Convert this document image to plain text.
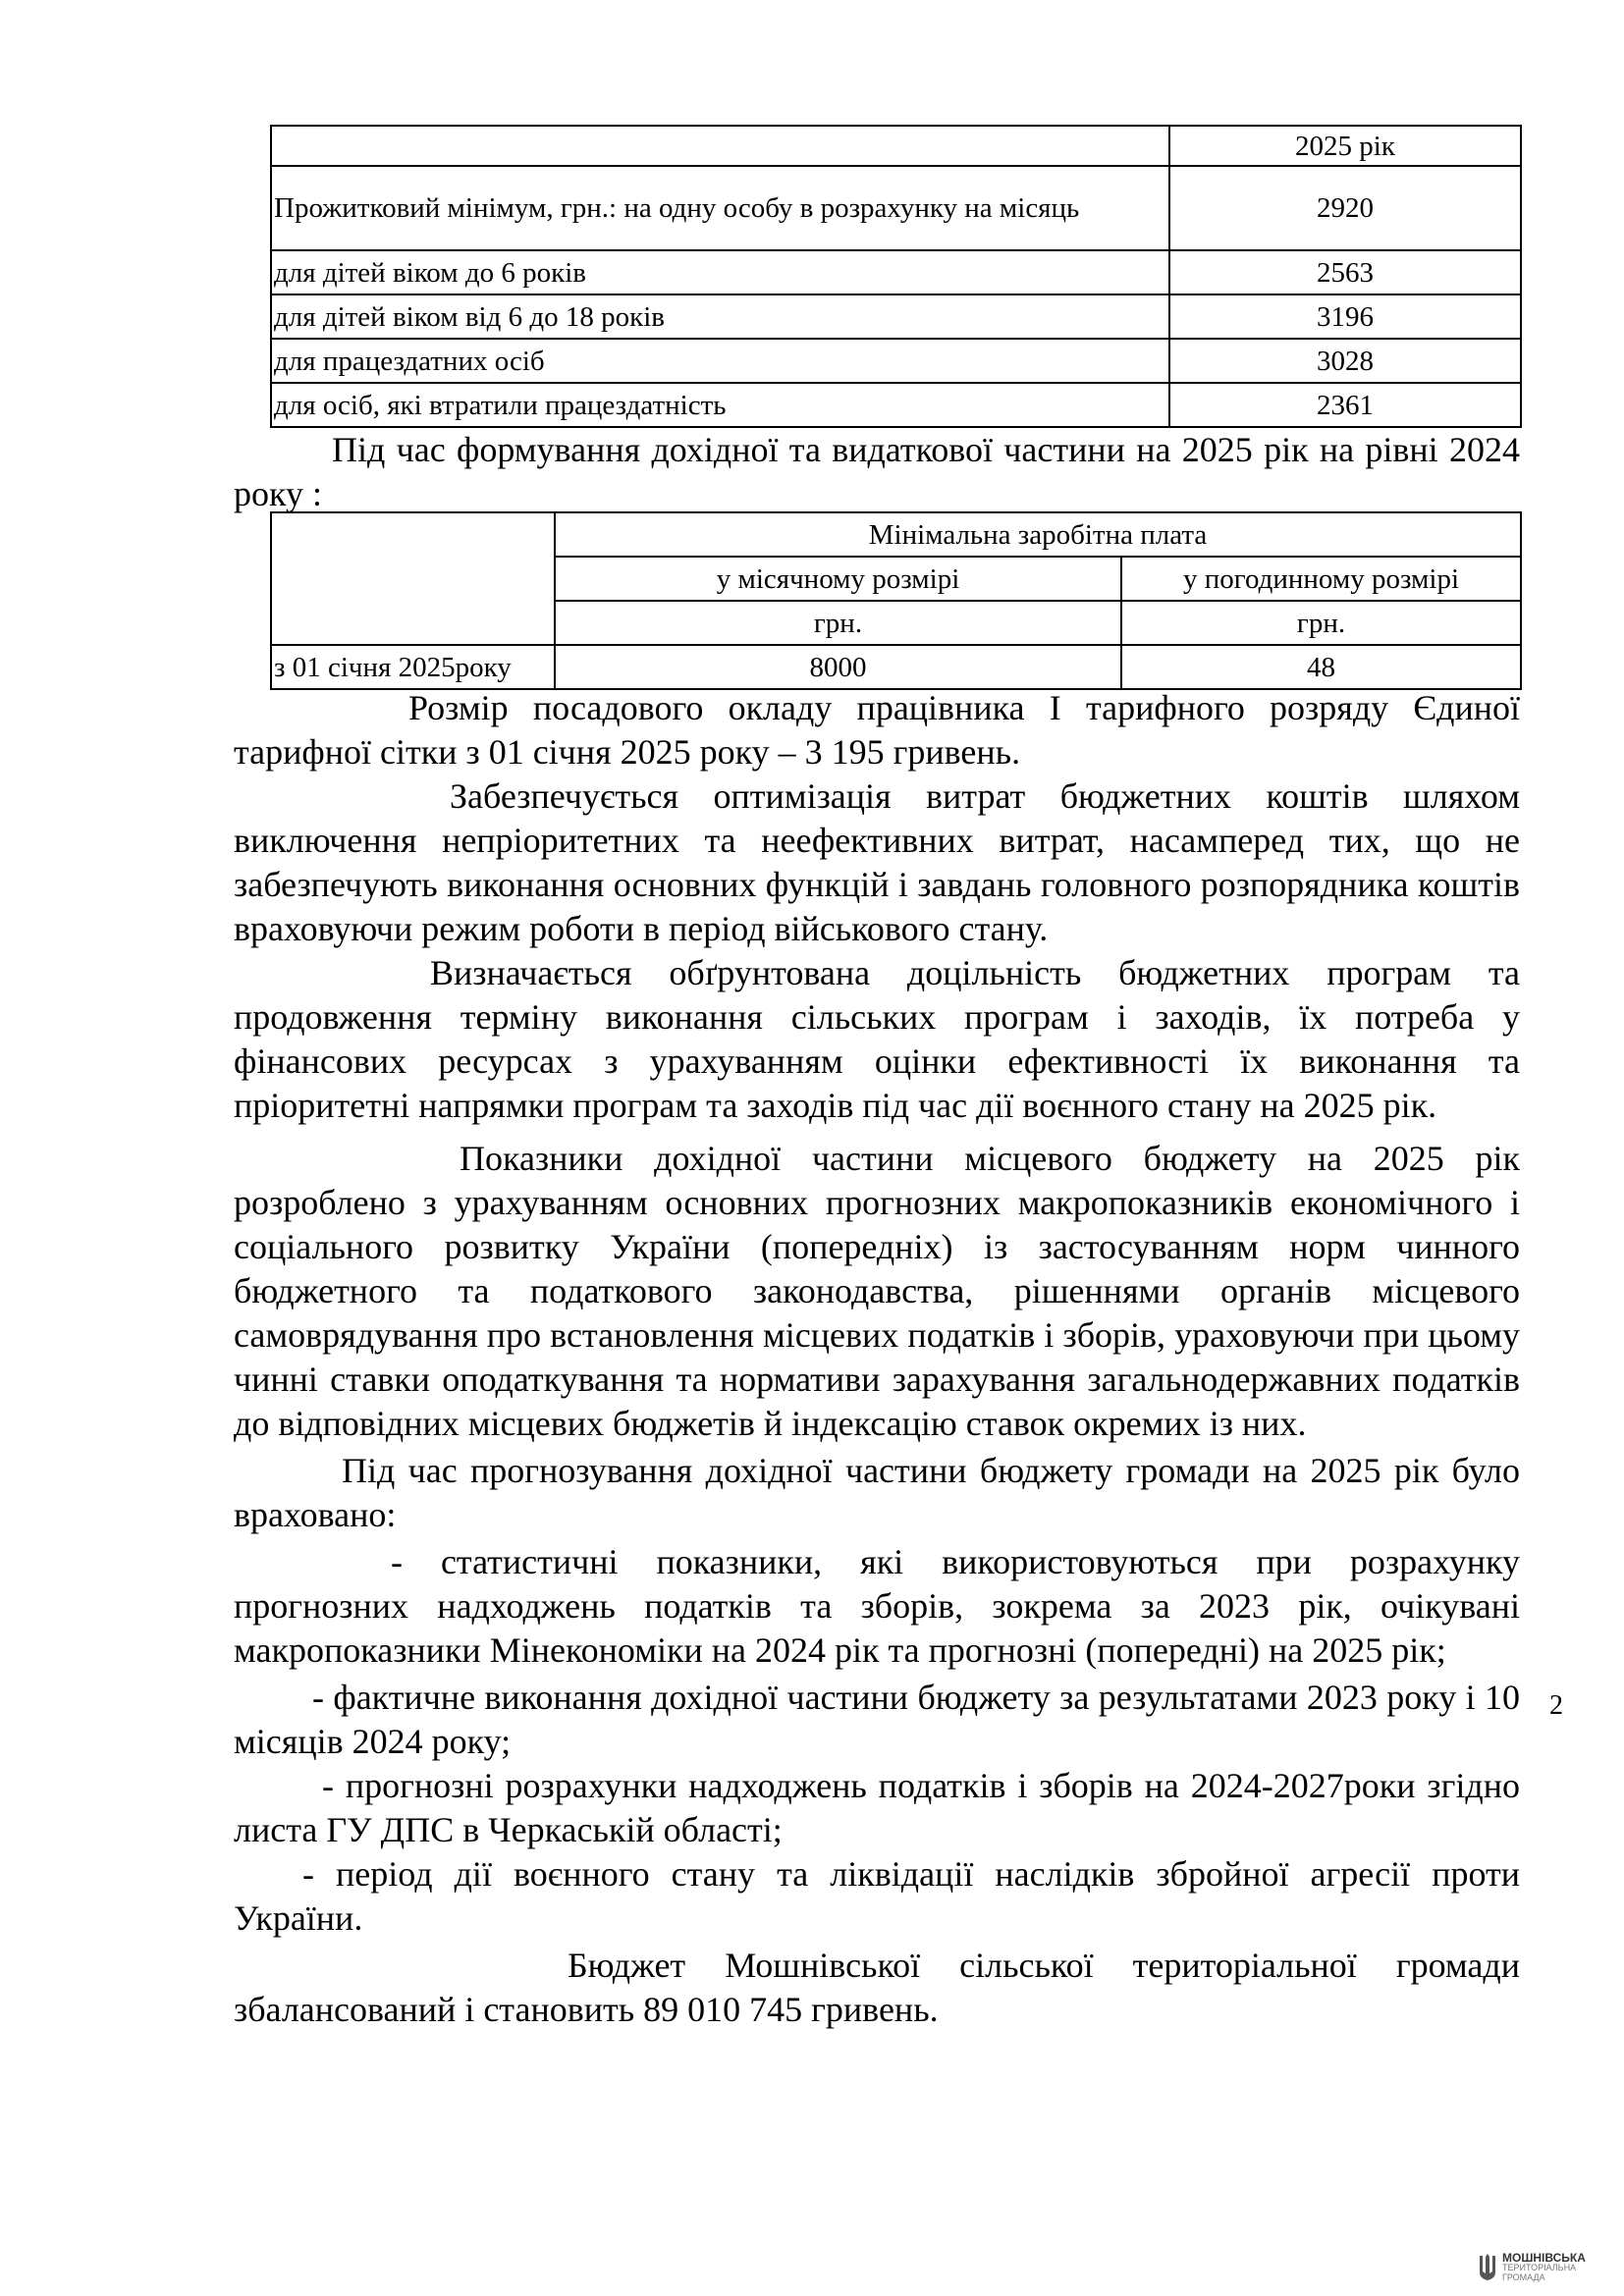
	2025 рік
Прожитковий мінімум, грн.: на одну особу в розрахунку на місяць	2920
для дітей віком до 6 років	2563
для дітей віком від 6 до 18 років	3196
для працездатних осіб	3028
для осіб, які втратили працездатність	2361

Під час формування дохідної та видаткової частини на 2025 рік на рівні 2024 року :

	Мінімальна заробітна плата	
	у місячному розмірі	у погодинному розмірі
	грн.	грн.
з 01 січня 2025року	8000	48

Розмір посадового окладу працівника І тарифного розряду Єдиної тарифної сітки з 01 січня 2025 року – 3 195 гривень.

Забезпечується оптимізація витрат бюджетних коштів шляхом виключення непріоритетних та неефективних витрат, насамперед тих, що не забезпечують виконання основних функцій і завдань головного розпорядника коштів враховуючи режим роботи в період військового стану.

Визначається обґрунтована доцільність бюджетних програм та продовження терміну виконання сільських програм і заходів, їх потреба у фінансових ресурсах з урахуванням оцінки ефективності їх виконання та пріоритетні напрямки програм та заходів під час дії воєнного стану на 2025 рік.

Показники дохідної частини місцевого бюджету на 2025 рік розроблено з урахуванням основних прогнозних макропоказників економічного і соціального розвитку України (попередніх) із застосуванням норм чинного бюджетного та податкового законодавства, рішеннями органів місцевого самоврядування про встановлення місцевих податків і зборів, ураховуючи при цьому чинні ставки оподаткування та нормативи зарахування загальнодержавних податків до відповідних місцевих бюджетів й індексацію ставок окремих із них.

Під час прогнозування дохідної частини бюджету громади на 2025 рік було враховано:

- статистичні показники, які використовуються при розрахунку прогнозних надходжень податків та зборів, зокрема за 2023 рік, очікувані макропоказники Мінекономіки на 2024 рік та прогнозні (попередні) на 2025 рік;

- фактичне виконання дохідної частини бюджету за результатами 2023 року і 10 місяців 2024 року;

- прогнозні розрахунки надходжень податків і зборів на 2024-2027роки згідно листа ГУ ДПС в Черкаській області;

- період дії воєнного стану та ліквідації наслідків збройної агресії проти України.

Бюджет Мошнівської сільської територіальної громади збалансований і становить 89 010 745 гривень.

2
МОШНІВСЬКА
ТЕРИТОРІАЛЬНА
ГРОМАДА
